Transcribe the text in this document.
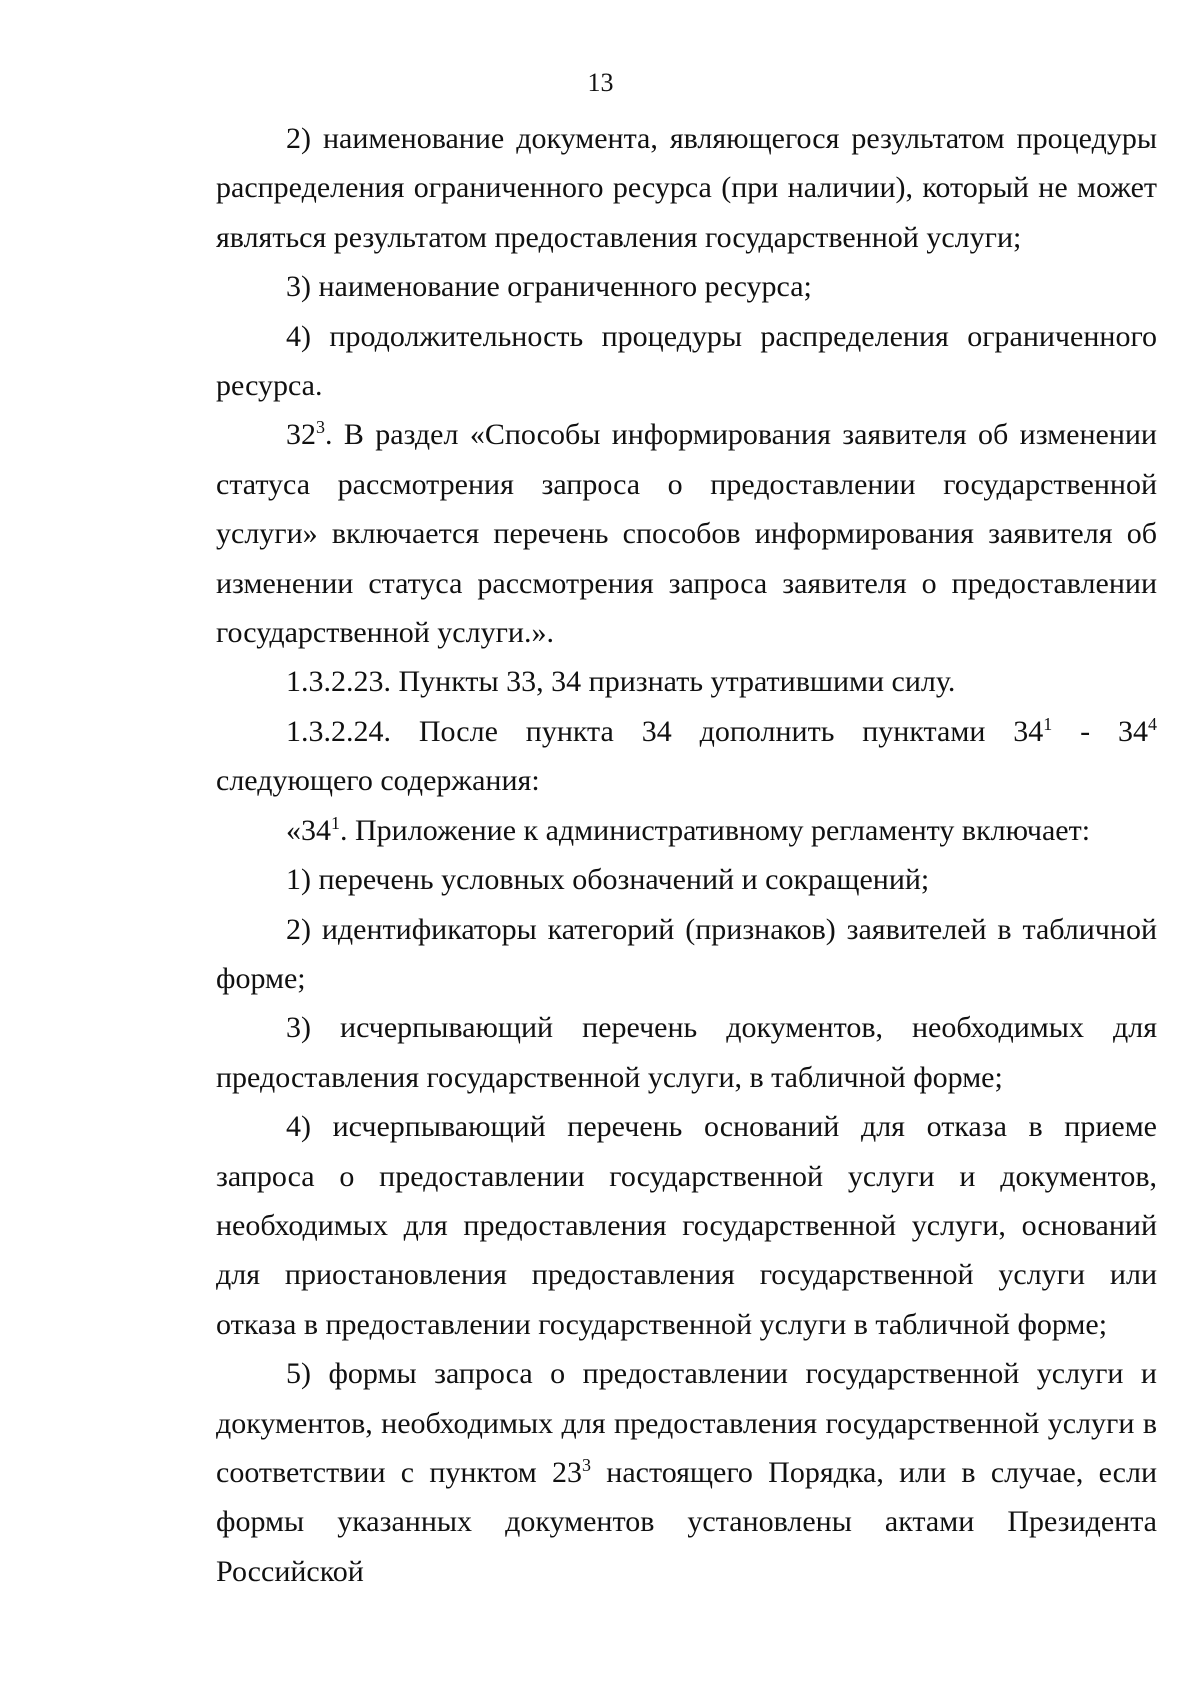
13

2) наименование документа, являющегося результатом процедуры распределения ограниченного ресурса (при наличии), который не может являться результатом предоставления государственной услуги;

3) наименование ограниченного ресурса;

4) продолжительность процедуры распределения ограниченного ресурса.

$32^3$. В раздел «Способы информирования заявителя об изменении статуса рассмотрения запроса о предоставлении государственной услуги» включается перечень способов информирования заявителя об изменении статуса рассмотрения запроса заявителя о предоставлении государственной услуги.».

1.3.2.23. Пункты 33, 34 признать утратившими силу.

1.3.2.24. После пункта 34 дополнить пунктами $34^1 - 34^4$ следующего содержания:

«$34^1$. Приложение к административному регламенту включает:

1) перечень условных обозначений и сокращений;

2) идентификаторы категорий (признаков) заявителей в табличной форме;

3) исчерпывающий перечень документов, необходимых для предоставления государственной услуги, в табличной форме;

4) исчерпывающий перечень оснований для отказа в приеме запроса о предоставлении государственной услуги и документов, необходимых для предоставления государственной услуги, оснований для приостановления предоставления государственной услуги или отказа в предоставлении государственной услуги в табличной форме;

5) формы запроса о предоставлении государственной услуги и документов, необходимых для предоставления государственной услуги в соответствии с пунктом $23^3$ настоящего Порядка, или в случае, если формы указанных документов установлены актами Президента Российской
